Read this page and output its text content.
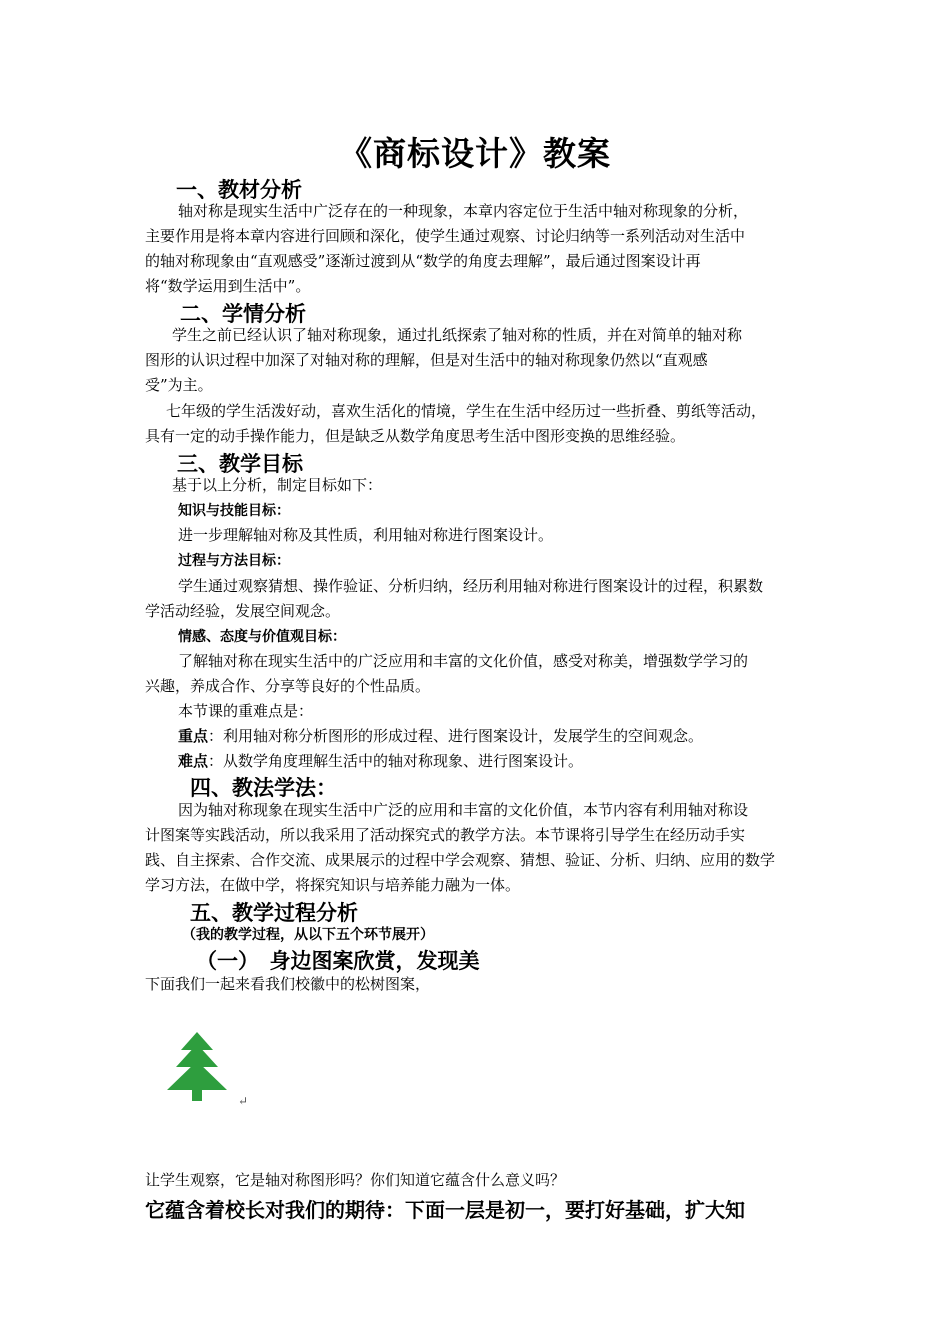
《商标设计》教案
一、教材分析
轴对称是现实生活中广泛存在的一种现象，本章内容定位于生活中轴对称现象的分析，
主要作用是将本章内容进行回顾和深化，使学生通过观察、讨论归纳等一系列活动对生活中
的轴对称现象由“直观感受”逐渐过渡到从“数学的角度去理解”，最后通过图案设计再
将“数学运用到生活中”。
二、学情分析
学生之前已经认识了轴对称现象，通过扎纸探索了轴对称的性质，并在对简单的轴对称
图形的认识过程中加深了对轴对称的理解，但是对生活中的轴对称现象仍然以“直观感
受”为主。
七年级的学生活泼好动，喜欢生活化的情境，学生在生活中经历过一些折叠、剪纸等活动，
具有一定的动手操作能力，但是缺乏从数学角度思考生活中图形变换的思维经验。
三、教学目标
基于以上分析，制定目标如下：
知识与技能目标：
进一步理解轴对称及其性质，利用轴对称进行图案设计。
过程与方法目标：
学生通过观察猜想、操作验证、分析归纳，经历利用轴对称进行图案设计的过程，积累数
学活动经验，发展空间观念。
情感、态度与价值观目标：
了解轴对称在现实生活中的广泛应用和丰富的文化价值，感受对称美，增强数学学习的
兴趣，养成合作、分享等良好的个性品质。
本节课的重难点是：
重点：利用轴对称分析图形的形成过程、进行图案设计，发展学生的空间观念。
难点：从数学角度理解生活中的轴对称现象、进行图案设计。
四、教法学法：
因为轴对称现象在现实生活中广泛的应用和丰富的文化价值，本节内容有利用轴对称设
计图案等实践活动，所以我采用了活动探究式的教学方法。本节课将引导学生在经历动手实
践、自主探索、合作交流、成果展示的过程中学会观察、猜想、验证、分析、归纳、应用的数学
学习方法，在做中学，将探究知识与培养能力融为一体。
五、教学过程分析
（我的教学过程，从以下五个环节展开）
（一）　身边图案欣赏，发现美
下面我们一起来看我们校徽中的松树图案，
↵
让学生观察，它是轴对称图形吗？你们知道它蕴含什么意义吗？
它蕴含着校长对我们的期待：下面一层是初一，要打好基础，扩大知
